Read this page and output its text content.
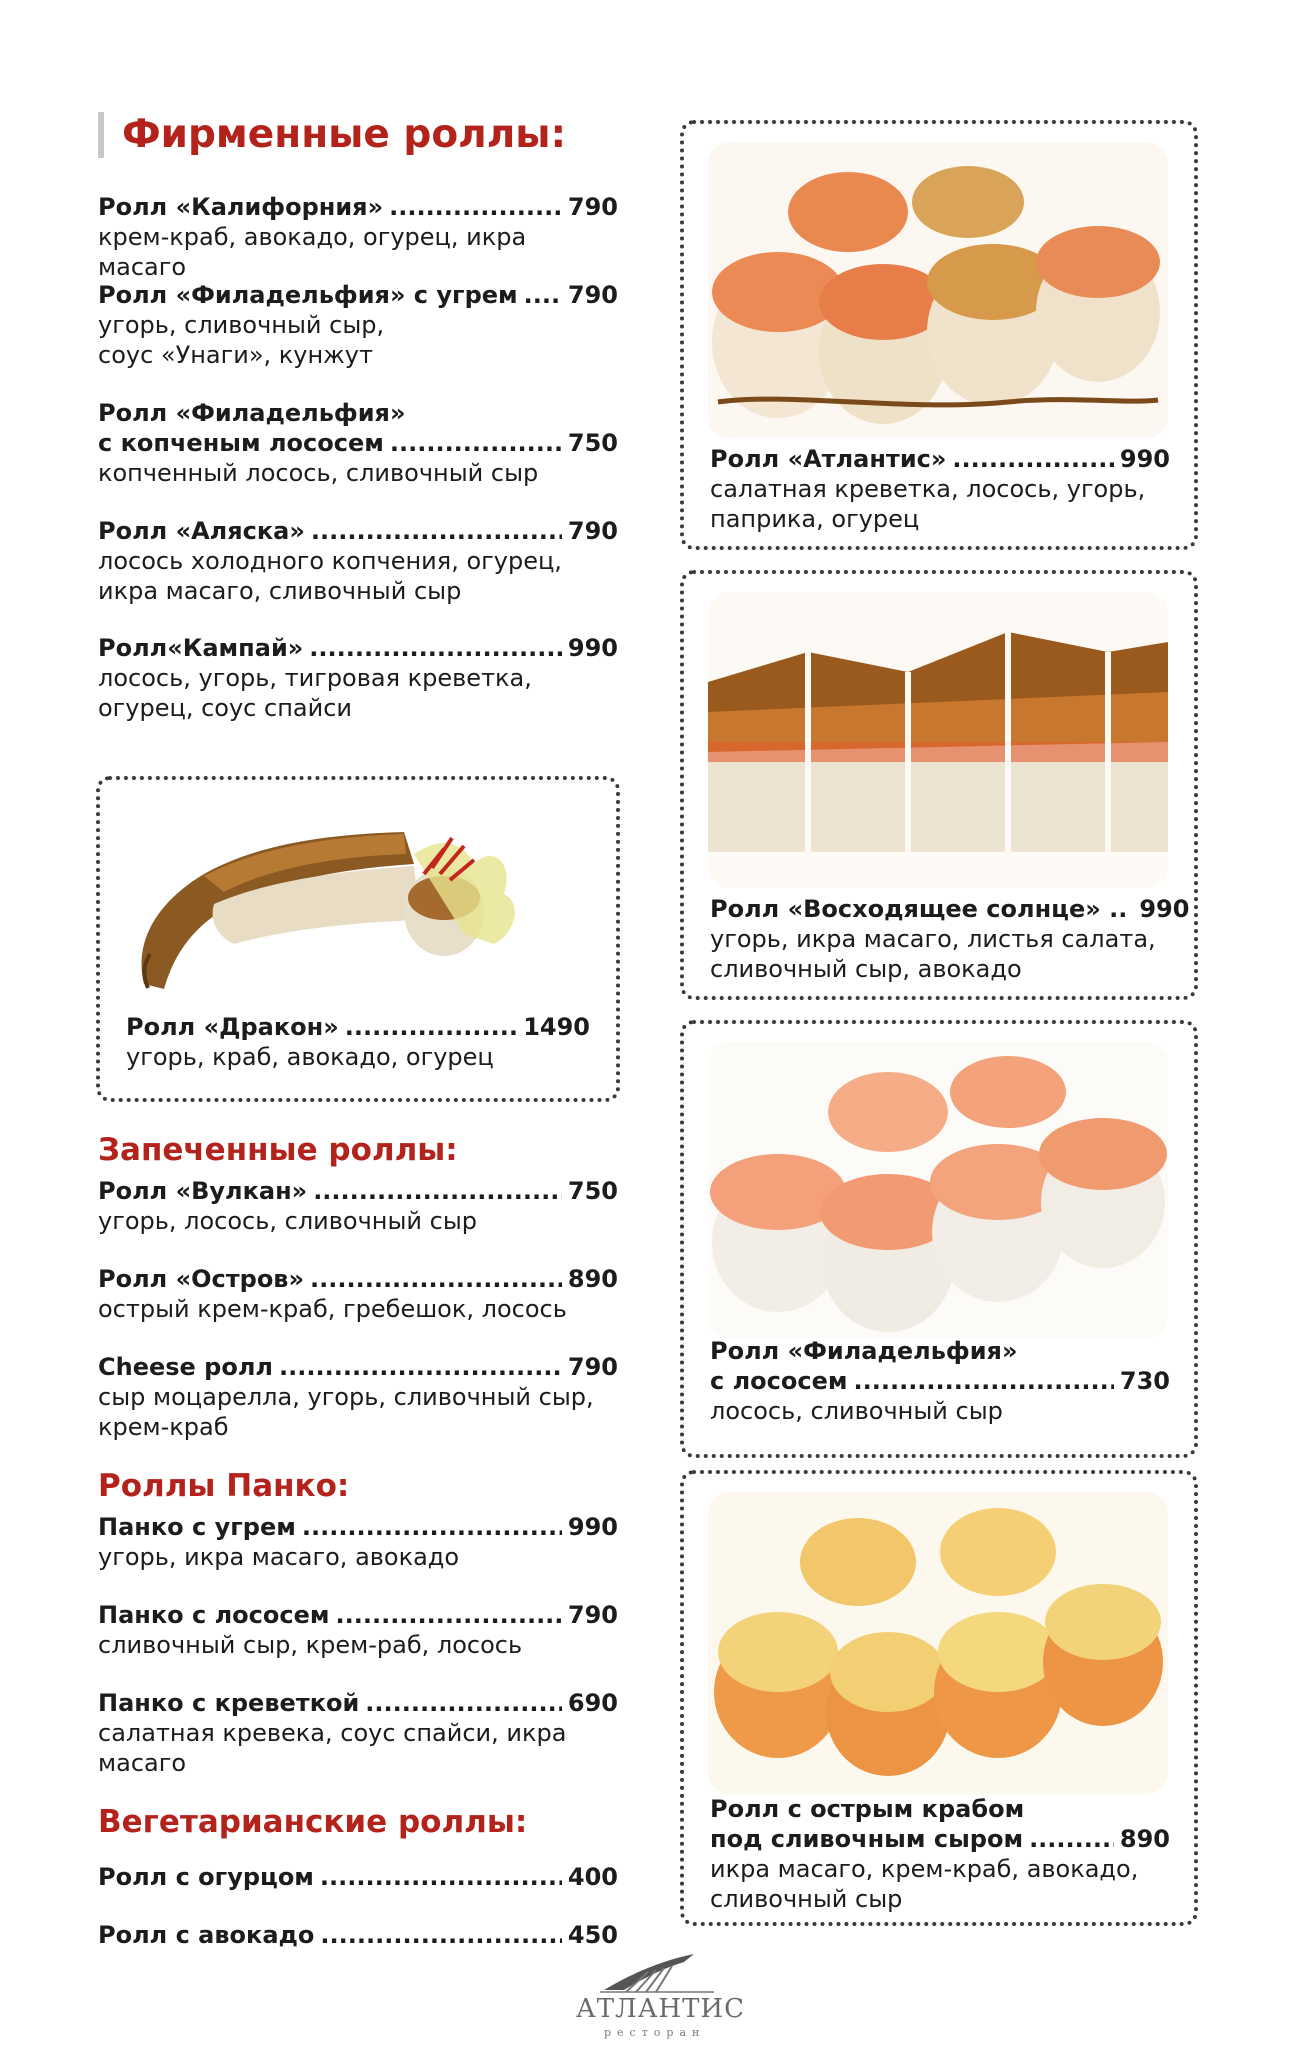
Фирменные роллы:
Ролл «Калифорния» .....	790
крем-краб, авокадо, огурец, икра масаго
Ролл «Филадельфия» с угрем ..... 790
угорь, сливочный сыр,
соус «Унаги», кунжут
Ролл «Филадельфия»
с копченым лососем .....	750
копченный лосось, сливочный сыр
Ролл «Аляска» .....	790
лосось холодного копчения, огурец,
икра масаго, сливочный сыр
Ролл«Кампай» .....	990
лосось, угорь, тигровая креветка,
огурец, соус спайси
Ролл «Дракон» .....	1490
угорь, краб, авокадо, огурец
Запеченные роллы:
Ролл «Вулкан» .....	750
угорь, лосось, сливочный сыр
Ролл «Остров» .....	890
острый крем-краб, гребешок, лосось
Cheese ролл .....	790
сыр моцарелла, угорь, сливочный сыр,
крем-краб
Роллы Панко:
Панко с угрем .....	990
угорь, икра масаго, авокадо
Панко с лососем .....	790
сливочный сыр, крем-раб, лосось
Панко с креветкой .....	690
салатная кревека, соус спайси, икра
масаго
Вегетарианские роллы:
Ролл с огурцом .....	400
Ролл с авокадо .....	450
Ролл «Атлантис» .....	990
салатная креветка, лосось, угорь,
паприка, огурец
Ролл «Восходящее солнце» .. 990
угорь, икра масаго, листья салата,
сливочный сыр, авокадо
Ролл «Филадельфия»
с лососем .....	730
лосось, сливочный сыр
Ролл с острым крабом
под сливочным сыром .....	890
икра масаго, крем-краб, авокадо,
сливочный сыр
АТЛАНТИС
ресторан
